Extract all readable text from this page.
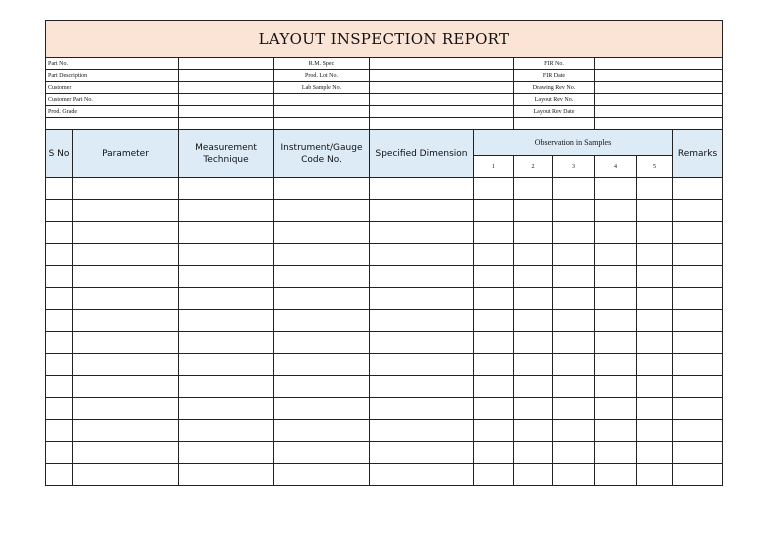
LAYOUT INSPECTION REPORT										
Part No.			R.M. Spec			FIR No.				
Part Description			Prod. Lot No.			FIR Date				
Customer			Lab Sample No.			Drawing Rev No.				
Customer Part No.						Layout Rev No.				
Prod. Grade						Layout Rev Date				

S No	Parameter	Measurement Technique	Instrument/Gauge Code No.	Specified Dimension	Observation in Samples					Remarks
					1	2	3	4	5	
